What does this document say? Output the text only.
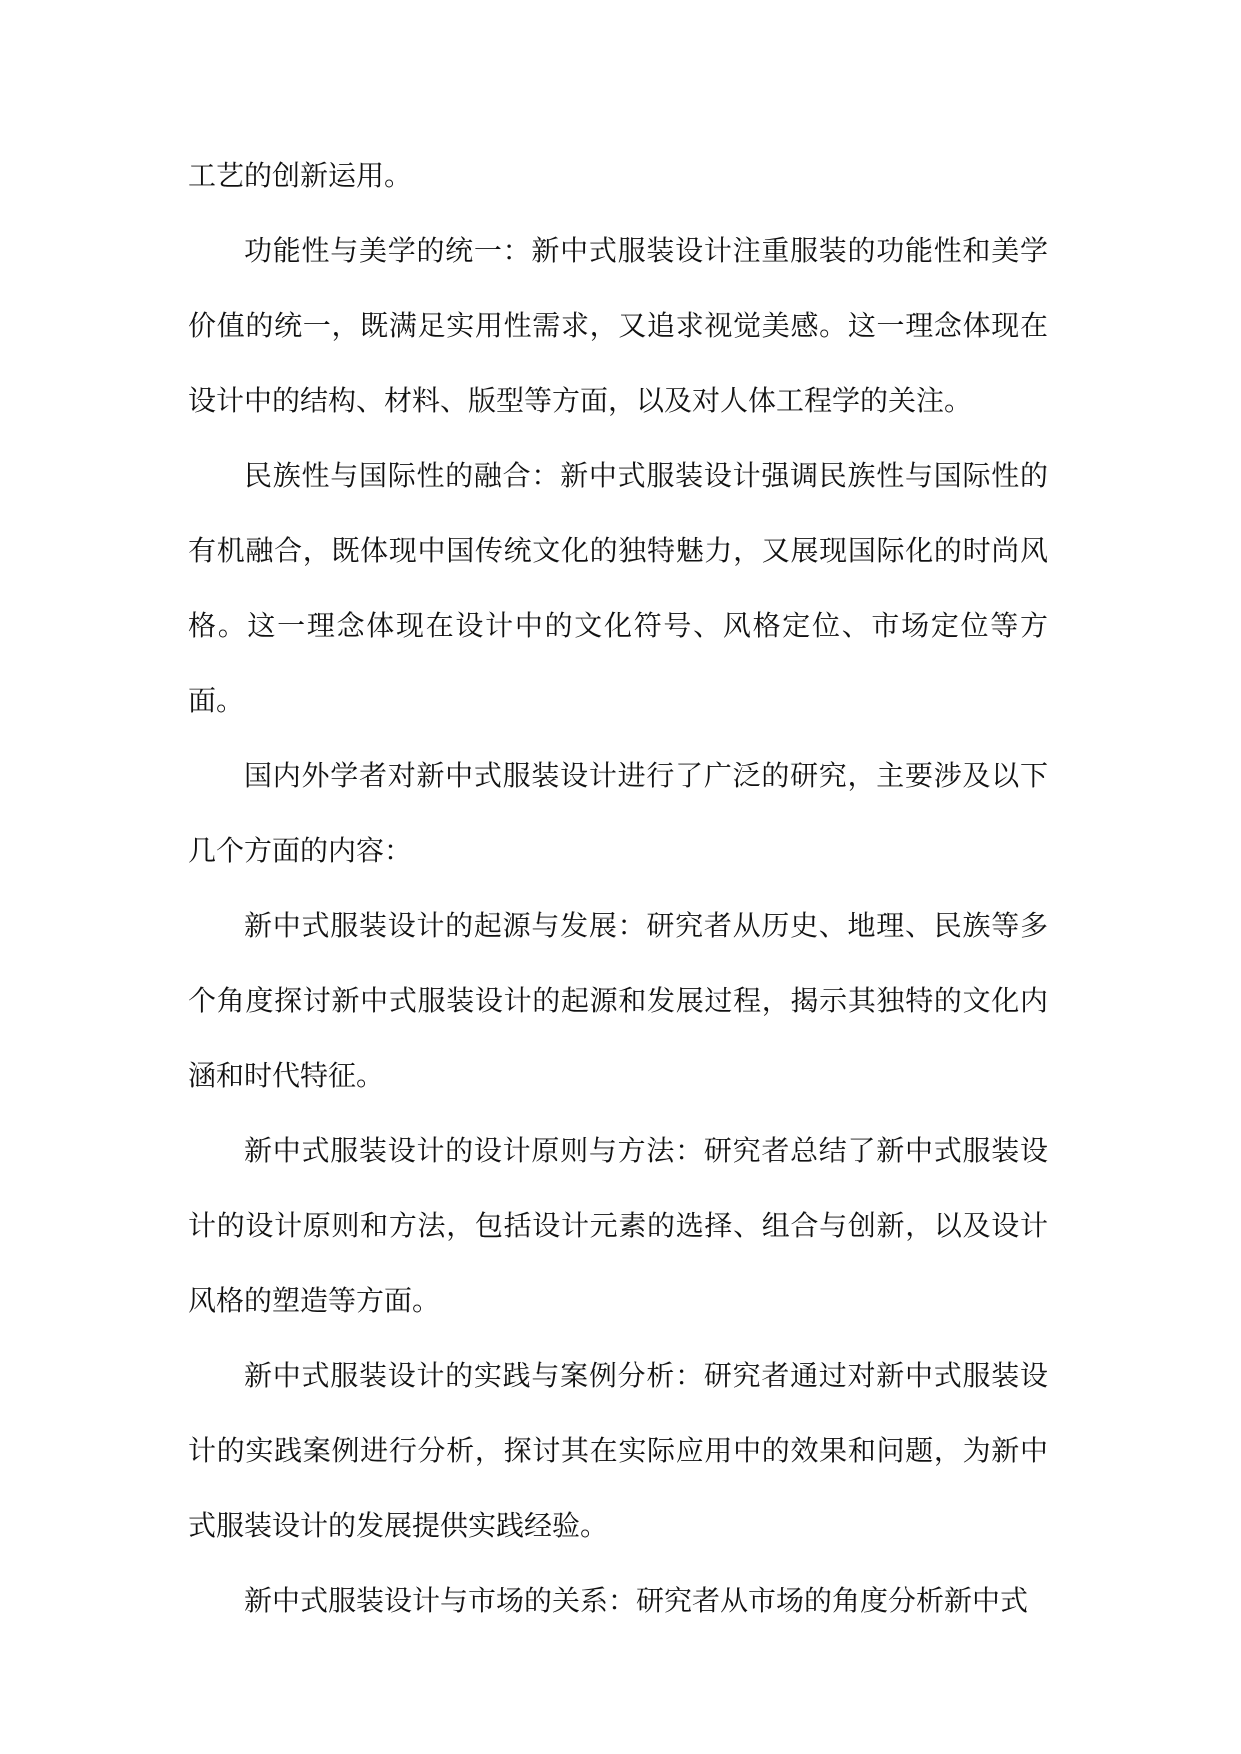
工艺的创新运用。

功能性与美学的统一：新中式服装设计注重服装的功能性和美学价值的统一，既满足实用性需求，又追求视觉美感。这一理念体现在设计中的结构、材料、版型等方面，以及对人体工程学的关注。

民族性与国际性的融合：新中式服装设计强调民族性与国际性的有机融合，既体现中国传统文化的独特魅力，又展现国际化的时尚风格。这一理念体现在设计中的文化符号、风格定位、市场定位等方面。

国内外学者对新中式服装设计进行了广泛的研究，主要涉及以下几个方面的内容：

新中式服装设计的起源与发展：研究者从历史、地理、民族等多个角度探讨新中式服装设计的起源和发展过程，揭示其独特的文化内涵和时代特征。

新中式服装设计的设计原则与方法：研究者总结了新中式服装设计的设计原则和方法，包括设计元素的选择、组合与创新，以及设计风格的塑造等方面。

新中式服装设计的实践与案例分析：研究者通过对新中式服装设计的实践案例进行分析，探讨其在实际应用中的效果和问题，为新中式服装设计的发展提供实践经验。

新中式服装设计与市场的关系：研究者从市场的角度分析新中式
